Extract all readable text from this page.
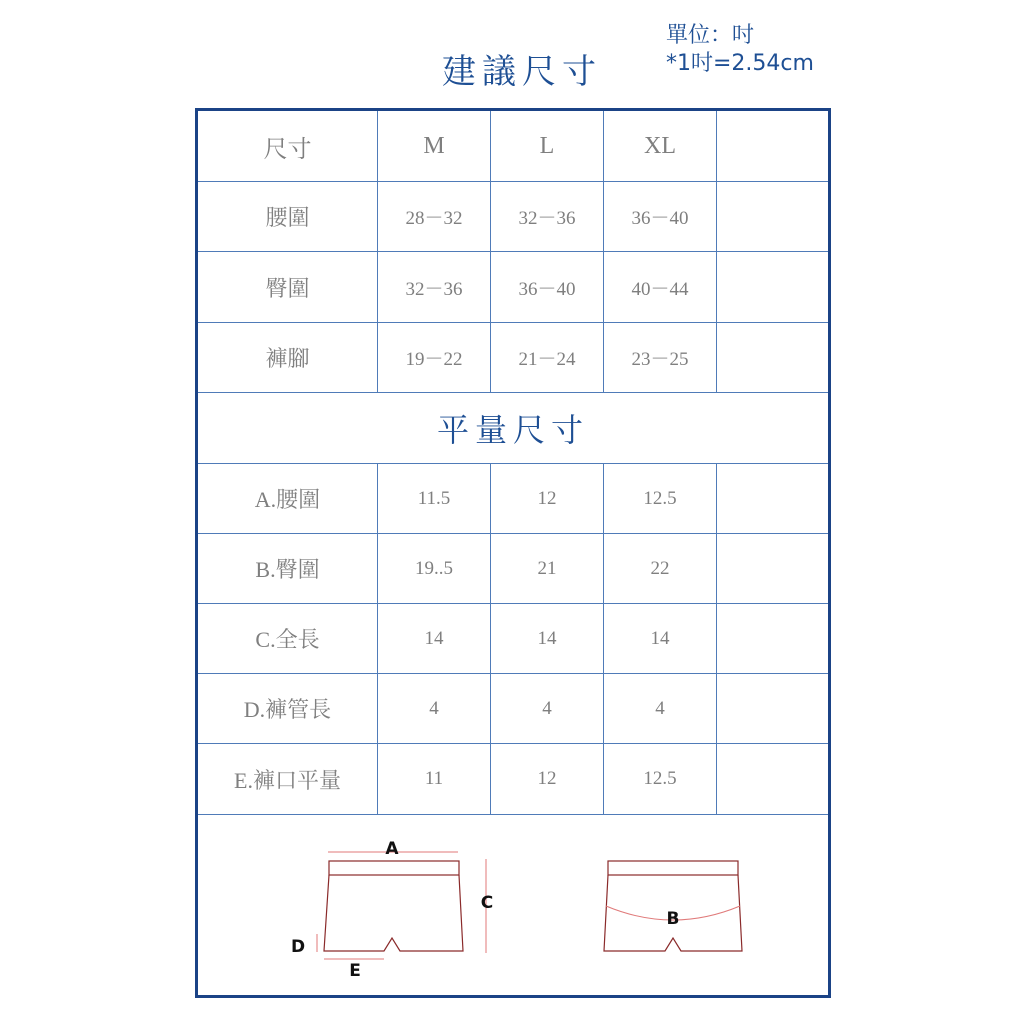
建議尺寸
單位：吋
*1吋=2.54cm
尺寸	M	L	XL
腰圍	28－32	32－36	36－40
臀圍	32－36	36－40	40－44
褲腳	19－22	21－24	23－25
平量尺寸
A.腰圍	11.5	12	12.5
B.臀圍	19..5	21	22
C.全長	14	14	14
D.褲管長	4	4	4
E.褲口平量	11	12	12.5
A
C
D
E
B
